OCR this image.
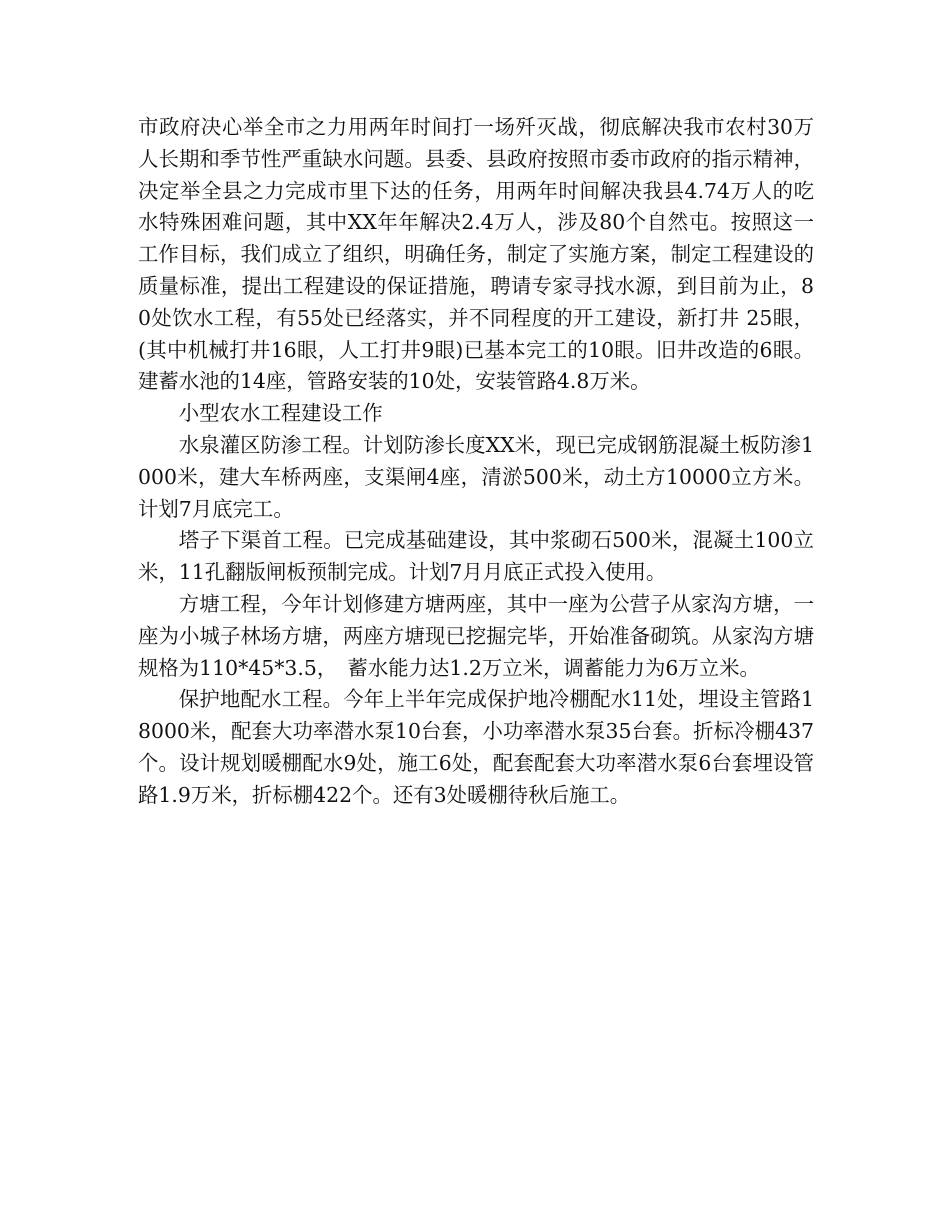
市政府决心举全市之力用两年时间打一场歼灭战，彻底解决我市农村30万人长期和季节性严重缺水问题。县委、县政府按照市委市政府的指示精神，决定举全县之力完成市里下达的任务，用两年时间解决我县4.74万人的吃水特殊困难问题，其中XX年年解决2.4万人，涉及80个自然屯。按照这一工作目标，我们成立了组织，明确任务，制定了实施方案，制定工程建设的质量标准，提出工程建设的保证措施，聘请专家寻找水源，到目前为止，80处饮水工程，有55处已经落实，并不同程度的开工建设，新打井 25眼，(其中机械打井16眼，人工打井9眼)已基本完工的10眼。旧井改造的6眼。建蓄水池的14座，管路安装的10处，安装管路4.8万米。

小型农水工程建设工作

水泉灌区防渗工程。计划防渗长度XX米，现已完成钢筋混凝土板防渗1000米，建大车桥两座，支渠闸4座，清淤500米，动土方10000立方米。计划7月底完工。

塔子下渠首工程。已完成基础建设，其中浆砌石500米，混凝土100立米，11孔翻版闸板预制完成。计划7月月底正式投入使用。

方塘工程，今年计划修建方塘两座，其中一座为公营子从家沟方塘，一座为小城子林场方塘，两座方塘现已挖掘完毕，开始准备砌筑。从家沟方塘规格为110*45*3.5，　蓄水能力达1.2万立米，调蓄能力为6万立米。

保护地配水工程。今年上半年完成保护地冷棚配水11处，埋设主管路18000米，配套大功率潜水泵10台套，小功率潜水泵35台套。折标冷棚437个。设计规划暖棚配水9处，施工6处，配套配套大功率潜水泵6台套埋设管路1.9万米，折标棚422个。还有3处暖棚待秋后施工。
